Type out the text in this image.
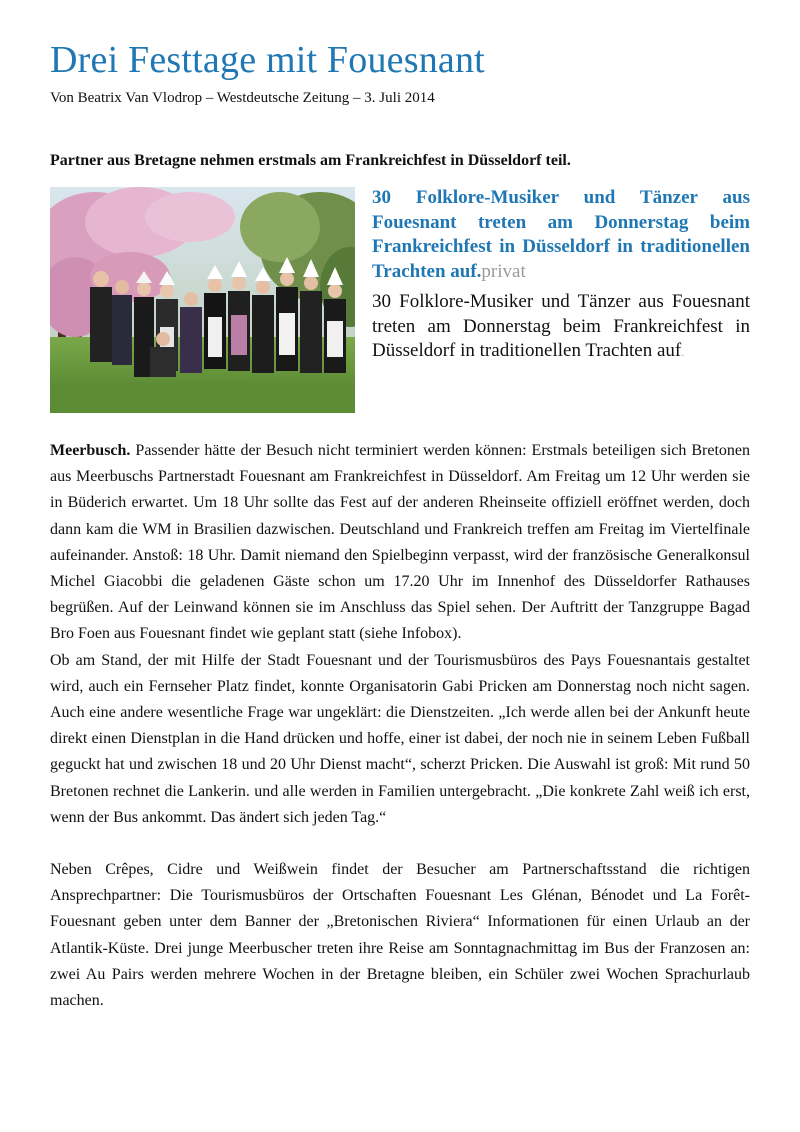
Drei Festtage mit Fouesnant
Von Beatrix Van Vlodrop – Westdeutsche Zeitung – 3. Juli 2014
Partner aus Bretagne nehmen erstmals am Frankreichfest in Düsseldorf teil.

30 Folklore-Musiker und Tänzer aus Fouesnant treten am Donnerstag beim Frankreichfest in Düsseldorf in traditionellen Trachten auf.privat

30 Folklore-Musiker und Tänzer aus Fouesnant treten am Donnerstag beim Frankreichfest in Düsseldorf in traditionellen Trachten auf.

Meerbusch. Passender hätte der Besuch nicht terminiert werden können: Erstmals beteiligen sich Bretonen aus Meerbuschs Partnerstadt Fouesnant am Frankreichfest in Düsseldorf. Am Freitag um 12 Uhr werden sie in Büderich erwartet. Um 18 Uhr sollte das Fest auf der anderen Rheinseite offiziell eröffnet werden, doch dann kam die WM in Brasilien dazwischen. Deutschland und Frankreich treffen am Freitag im Viertelfinale aufeinander. Anstoß: 18 Uhr. Damit niemand den Spielbeginn verpasst, wird der französische Generalkonsul Michel Giacobbi die geladenen Gäste schon um 17.20 Uhr im Innenhof des Düsseldorfer Rathauses begrüßen. Auf der Leinwand können sie im Anschluss das Spiel sehen. Der Auftritt der Tanzgruppe Bagad Bro Foen aus Fouesnant findet wie geplant statt (siehe Infobox).

Ob am Stand, der mit Hilfe der Stadt Fouesnant und der Tourismusbüros des Pays Fouesnantais gestaltet wird, auch ein Fernseher Platz findet, konnte Organisatorin Gabi Pricken am Donnerstag noch nicht sagen. Auch eine andere wesentliche Frage war ungeklärt: die Dienstzeiten. „Ich werde allen bei der Ankunft heute direkt einen Dienstplan in die Hand drücken und hoffe, einer ist dabei, der noch nie in seinem Leben Fußball geguckt hat und zwischen 18 und 20 Uhr Dienst macht“, scherzt Pricken. Die Auswahl ist groß: Mit rund 50 Bretonen rechnet die Lankerin. und alle werden in Familien untergebracht. „Die konkrete Zahl weiß ich erst, wenn der Bus ankommt. Das ändert sich jeden Tag.“

Neben Crêpes, Cidre und Weißwein findet der Besucher am Partnerschaftsstand die richtigen Ansprechpartner: Die Tourismusbüros der Ortschaften Fouesnant Les Glénan, Bénodet und La Forêt-Fouesnant geben unter dem Banner der „Bretonischen Riviera“ Informationen für einen Urlaub an der Atlantik-Küste. Drei junge Meerbuscher treten ihre Reise am Sonntagnachmittag im Bus der Franzosen an: zwei Au Pairs werden mehrere Wochen in der Bretagne bleiben, ein Schüler zwei Wochen Sprachurlaub machen.
